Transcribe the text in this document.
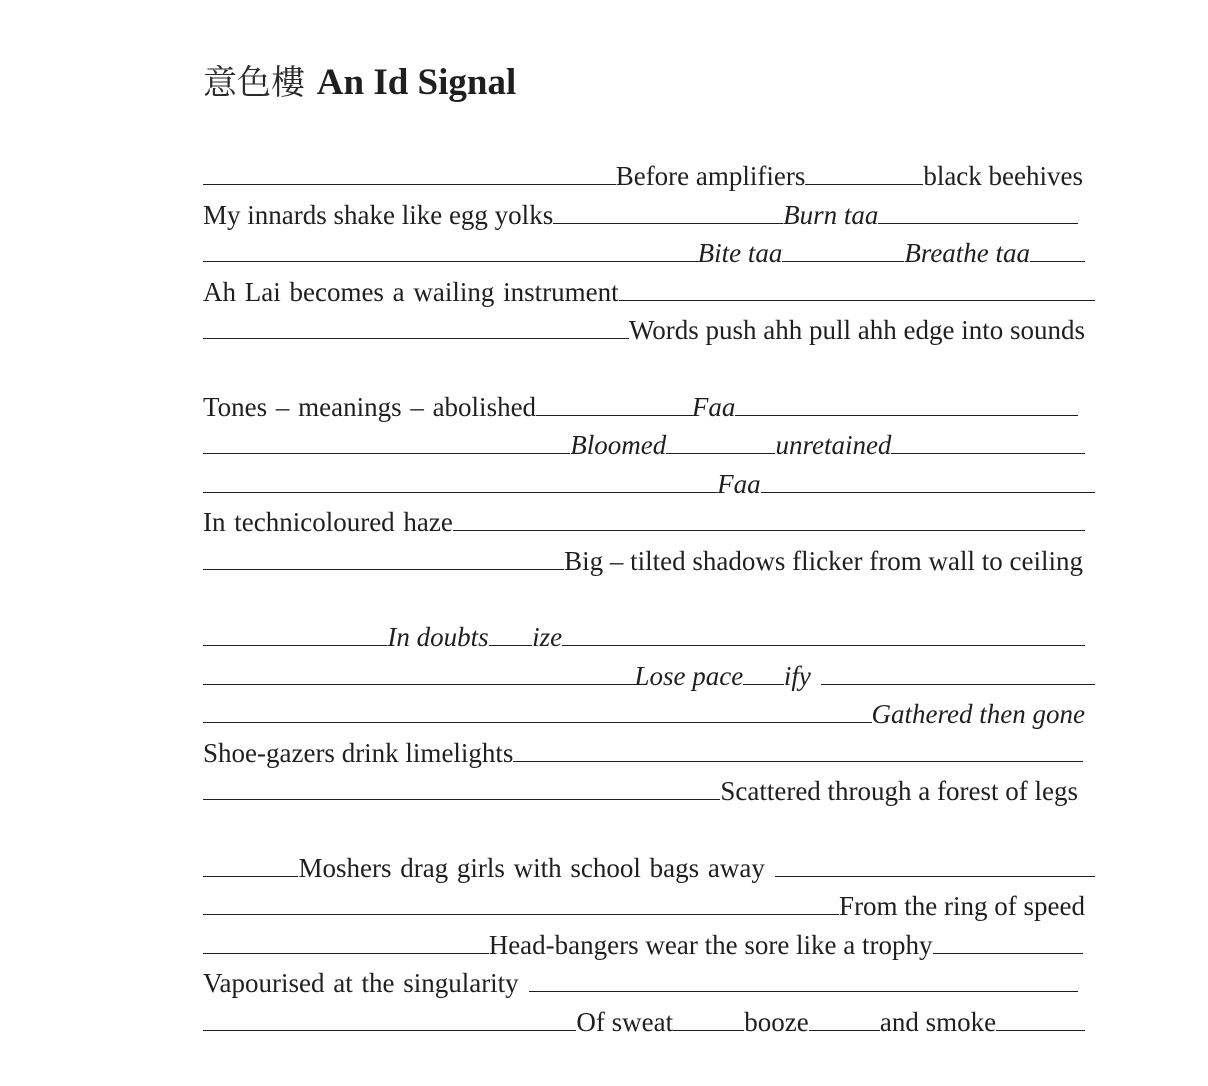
意色樓 An Id Signal
Before amplifiers	black beehives
My innards shake like egg yolks	Burn taa
Bite taa	Breathe taa
Ah Lai becomes a wailing instrument
Words push ahh pull ahh edge into sounds
Tones – meanings – abolished	Faa
Bloomed	unretained
Faa
In technicoloured haze
Big – tilted shadows flicker from wall to ceiling
In doubts ize
Lose pace ify
Gathered then gone
Shoe-gazers drink limelights
Scattered through a forest of legs
Moshers drag girls with school bags away
From the ring of speed
Head-bangers wear the sore like a trophy
Vapourised at the singularity
Of sweat	booze	and smoke
